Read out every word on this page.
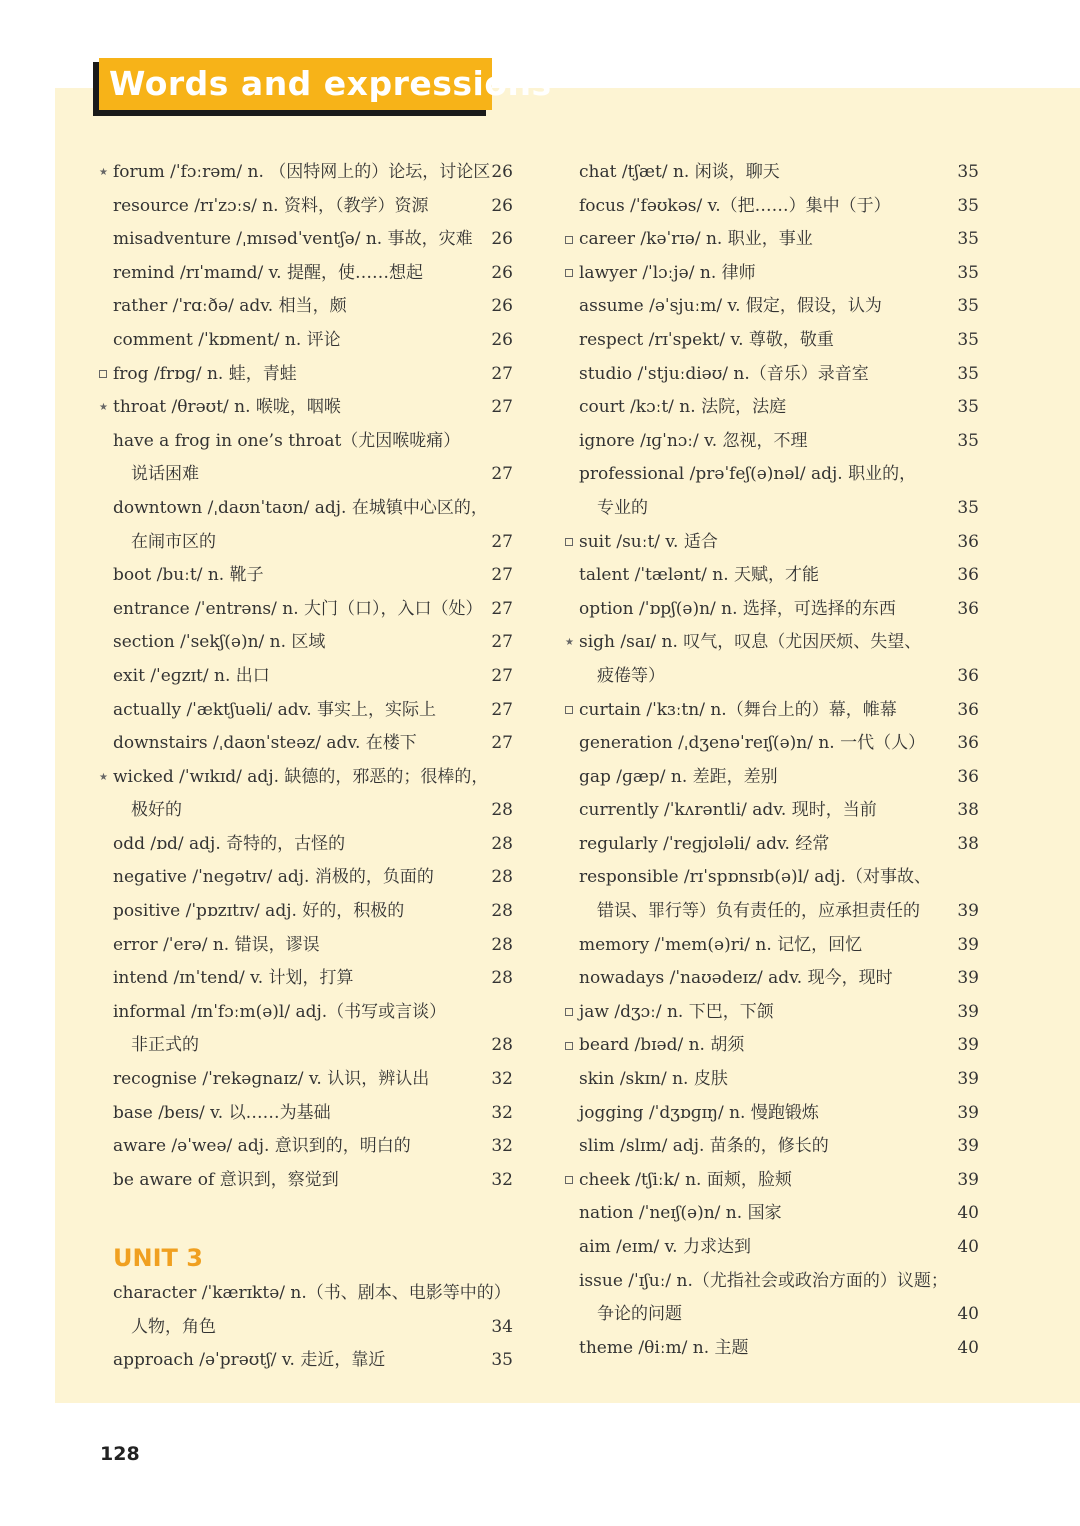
Words and expressions
★ forum /ˈfɔːrəm/ n. （因特网上的）论坛，讨论区 26
resource /rɪˈzɔːs/ n. 资料，（教学）资源	26
misadventure /ˌmɪsədˈventʃə/ n. 事故，灾难 26
remind /rɪˈmaɪnd/ v. 提醒，使……想起	26
rather /ˈrɑːðə/ adv. 相当，颇	26
comment /ˈkɒment/ n. 评论	26
frog /frɒɡ/ n. 蛙，青蛙	27
★ throat /θrəʊt/ n. 喉咙，咽喉	27
have a frog in one’s throat（尤因喉咙痛）
说话困难	27
downtown /ˌdaʊnˈtaʊn/ adj. 在城镇中心区的，
在闹市区的	27
boot /buːt/ n. 靴子	27
entrance /ˈentrəns/ n. 大门（口），入口（处） 27
section /ˈsekʃ(ə)n/ n. 区域	27
exit /ˈeɡzɪt/ n. 出口	27
actually /ˈæktʃuəli/ adv. 事实上，实际上	27
downstairs /ˌdaʊnˈsteəz/ adv. 在楼下	27
★ wicked /ˈwɪkɪd/ adj. 缺德的，邪恶的；很棒的，
极好的	28
odd /ɒd/ adj. 奇特的，古怪的	28
negative /ˈneɡətɪv/ adj. 消极的，负面的	28
positive /ˈpɒzɪtɪv/ adj. 好的，积极的	28
error /ˈerə/ n. 错误，谬误	28
intend /ɪnˈtend/ v. 计划，打算	28
informal /ɪnˈfɔːm(ə)l/ adj.（书写或言谈）
非正式的	28
recognise /ˈrekəɡnaɪz/ v. 认识，辨认出	32
base /beɪs/ v. 以……为基础	32
aware /əˈweə/ adj. 意识到的，明白的	32
be aware of 意识到，察觉到	32
UNIT 3
character /ˈkærɪktə/ n.（书、剧本、电影等中的）
人物，角色	34
approach /əˈprəʊtʃ/ v. 走近，靠近	35
chat /tʃæt/ n. 闲谈，聊天	35
focus /ˈfəʊkəs/ v.（把……）集中（于）	35
career /kəˈrɪə/ n. 职业，事业	35
lawyer /ˈlɔːjə/ n. 律师	35
assume /əˈsjuːm/ v. 假定，假设，认为	35
respect /rɪˈspekt/ v. 尊敬，敬重	35
studio /ˈstjuːdiəʊ/ n.（音乐）录音室	35
court /kɔːt/ n. 法院，法庭	35
ignore /ɪɡˈnɔː/ v. 忽视，不理	35
professional /prəˈfeʃ(ə)nəl/ adj. 职业的，
专业的	35
suit /suːt/ v. 适合	36
talent /ˈtælənt/ n. 天赋，才能	36
option /ˈɒpʃ(ə)n/ n. 选择，可选择的东西	36
★ sigh /saɪ/ n. 叹气，叹息（尤因厌烦、失望、
疲倦等）	36
curtain /ˈkɜːtn/ n.（舞台上的）幕，帷幕	36
generation /ˌdʒenəˈreɪʃ(ə)n/ n. 一代（人） 36
gap /ɡæp/ n. 差距，差别	36
currently /ˈkʌrəntli/ adv. 现时，当前	38
regularly /ˈreɡjʊləli/ adv. 经常	38
responsible /rɪˈspɒnsɪb(ə)l/ adj.（对事故、
错误、罪行等）负有责任的，应承担责任的 39
memory /ˈmem(ə)ri/ n. 记忆，回忆	39
nowadays /ˈnaʊədeɪz/ adv. 现今，现时	39
jaw /dʒɔː/ n. 下巴，下颌	39
beard /bɪəd/ n. 胡须	39
skin /skɪn/ n. 皮肤	39
jogging /ˈdʒɒɡɪŋ/ n. 慢跑锻炼	39
slim /slɪm/ adj. 苗条的，修长的	39
cheek /tʃiːk/ n. 面颊，脸颊	39
nation /ˈneɪʃ(ə)n/ n. 国家	40
aim /eɪm/ v. 力求达到	40
issue /ˈɪʃuː/ n.（尤指社会或政治方面的）议题；
争论的问题	40
theme /θiːm/ n. 主题	40
128
